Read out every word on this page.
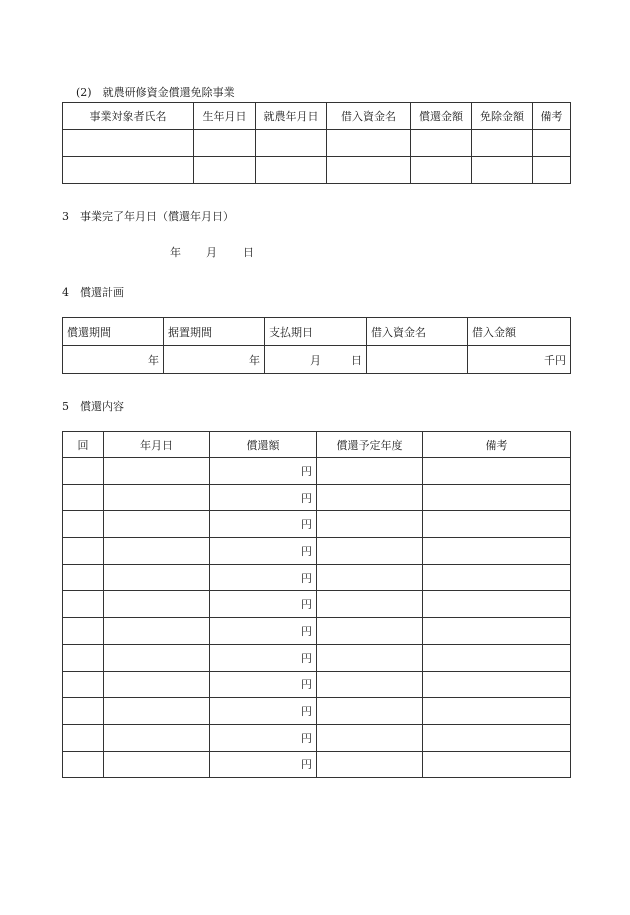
(2)　就農研修資金償還免除事業
事業対象者氏名	生年月日	就農年月日	借入資金名	償還金額	免除金額	備考

3　事業完了年月日（償還年月日）
年 月 日
4　償還計画
償還期間	据置期間	支払期日	借入資金名	借入金額
年	年	月 日		千円
5　償還内容
回	年月日	償還額	償還予定年度	備考
		円		
		円		
		円		
		円		
		円		
		円		
		円		
		円		
		円		
		円		
		円		
		円		
